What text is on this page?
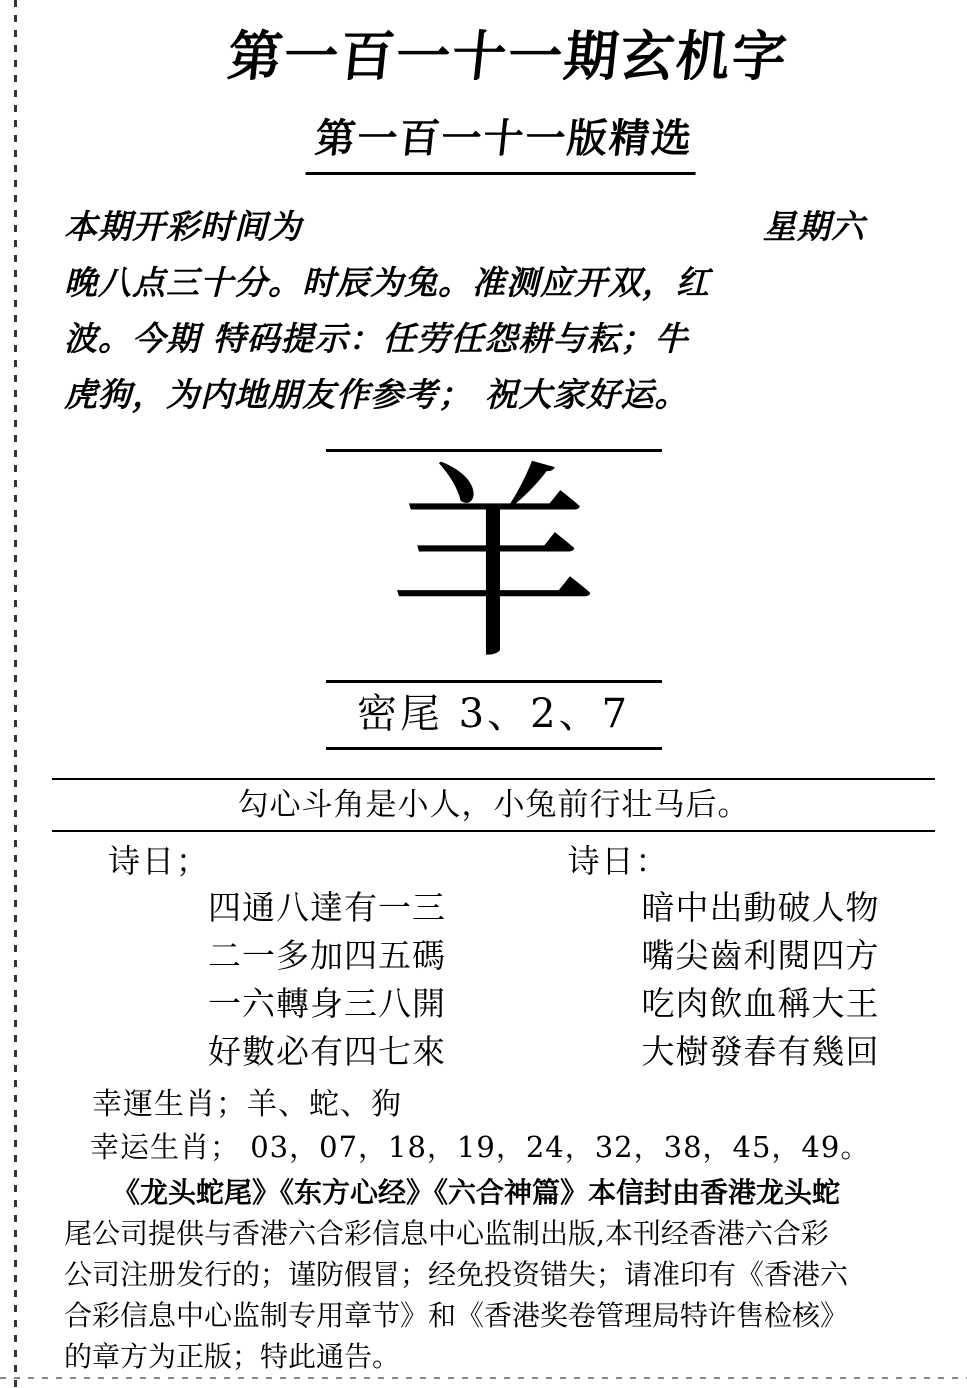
第一百一十一期玄机字
第一百一十一版精选
本期开彩时间为	星期六
晚八点三十分。时辰为兔。准测应开双，红
波。今期 特码提示：任劳任怨耕与耘；牛
虎狗，为内地朋友作参考； 祝大家好运。
羊
密尾 3、2、7
勾心斗角是小人，小兔前行壮马后。
诗日；
四通八達有一三
二一多加四五碼
一六轉身三八開
好數必有四七來
诗日：
暗中出動破人物
嘴尖齒利閱四方
吃肉飲血稱大王
大樹發春有幾回
幸運生肖；羊、蛇、狗
幸运生肖； 03，07，18，19，24，32，38，45，49。
《龙头蛇尾》《东方心经》《六合神篇》本信封由香港龙头蛇
尾公司提供与香港六合彩信息中心监制出版,本刊经香港六合彩
公司注册发行的；谨防假冒；经免投资错失；请准印有《香港六
合彩信息中心监制专用章节》和《香港奖卷管理局特许售检核》
的章方为正版；特此通告。
